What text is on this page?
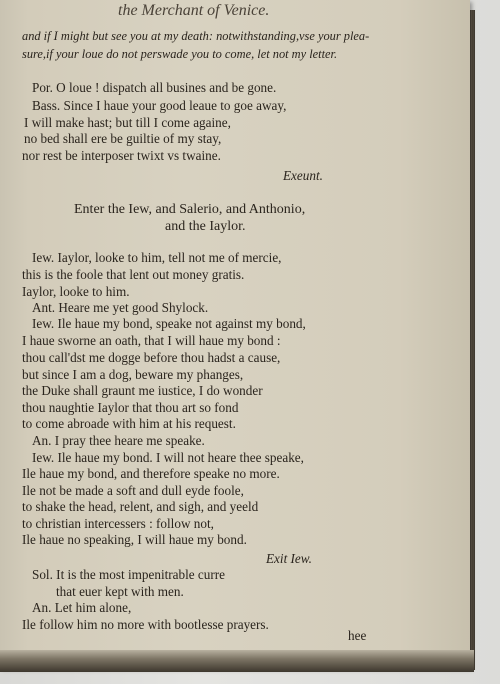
the Merchant of Venice.
and if I might but see you at my death: notwithstanding,vse your plea-
sure,if your loue do not perswade you to come, let not my letter.
Por. O loue ! dispatch all busines and be gone.
Bass. Since I haue your good leaue to goe away,
I will make hast; but till I come againe,
no bed shall ere be guiltie of my stay,
nor rest be interposer twixt vs twaine.
Exeunt.
Enter the Iew, and Salerio, and Anthonio,
and the Iaylor.
Iew. Iaylor, looke to him, tell not me of mercie,
this is the foole that lent out money gratis.
Iaylor, looke to him.
Ant. Heare me yet good Shylock.
Iew. Ile haue my bond, speake not against my bond,
I haue sworne an oath, that I will haue my bond :
thou call'dst me dogge before thou hadst a cause,
but since I am a dog, beware my phanges,
the Duke shall graunt me iustice, I do wonder
thou naughtie Iaylor that thou art so fond
to come abroade with him at his request.
An. I pray thee heare me speake.
Iew. Ile haue my bond. I will not heare thee speake,
Ile haue my bond, and therefore speake no more.
Ile not be made a soft and dull eyde foole,
to shake the head, relent, and sigh, and yeeld
to christian intercessers : follow not,
Ile haue no speaking, I will haue my bond.
Exit Iew.
Sol. It is the most impenitrable curre
that euer kept with men.
An. Let him alone,
Ile follow him no more with bootlesse prayers.
hee
